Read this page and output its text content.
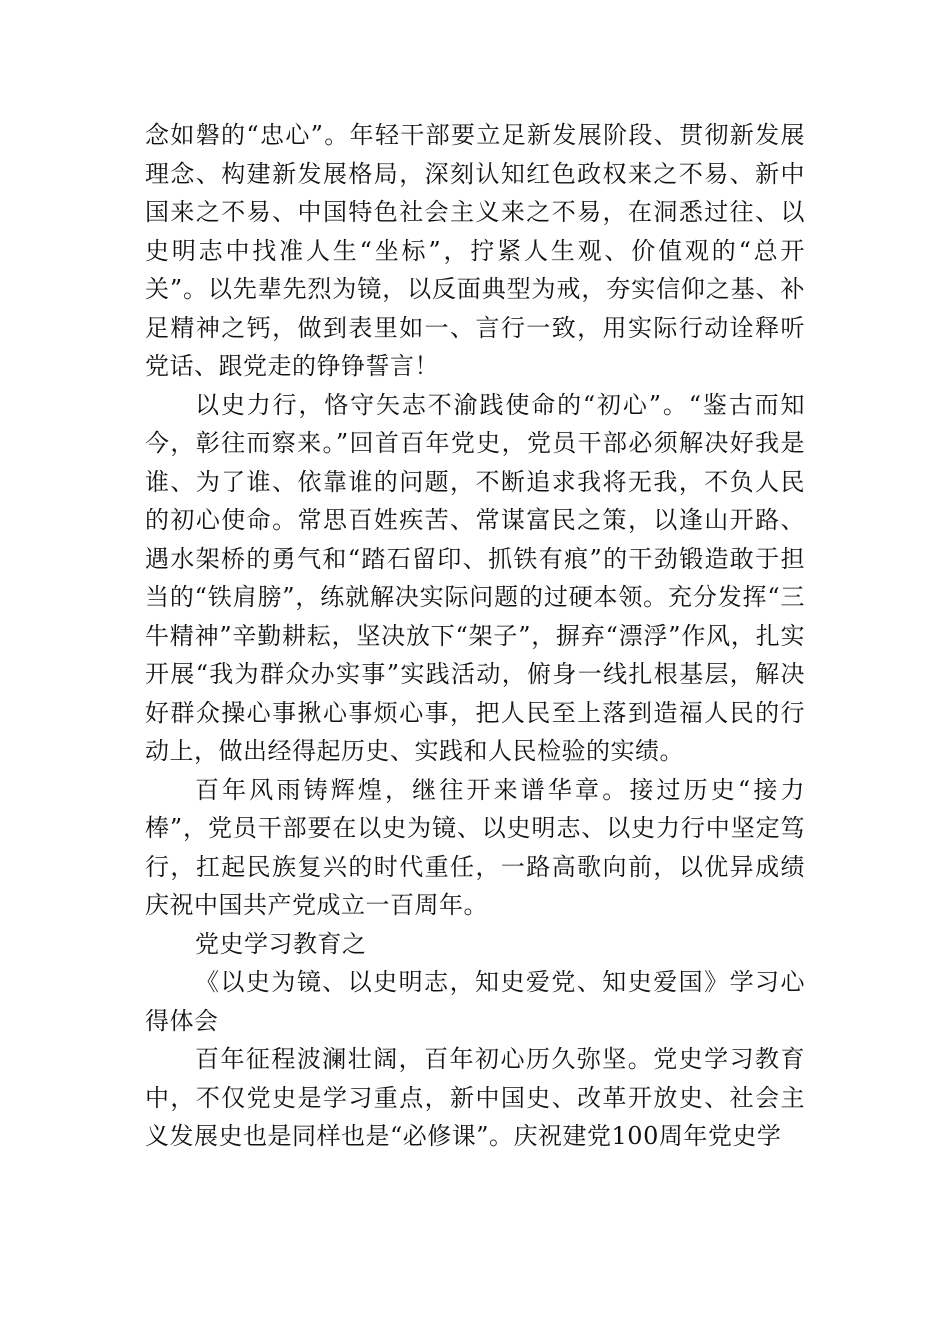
念如磐的“忠心”。年轻干部要立足新发展阶段、贯彻新发展理念、构建新发展格局，深刻认知红色政权来之不易、新中国来之不易、中国特色社会主义来之不易，在洞悉过往、以史明志中找准人生“坐标”，拧紧人生观、价值观的“总开关”。以先辈先烈为镜，以反面典型为戒，夯实信仰之基、补足精神之钙，做到表里如一、言行一致，用实际行动诠释听党话、跟党走的铮铮誓言！

以史力行，恪守矢志不渝践使命的“初心”。“鉴古而知今，彰往而察来。”回首百年党史，党员干部必须解决好我是谁、为了谁、依靠谁的问题，不断追求我将无我，不负人民的初心使命。常思百姓疾苦、常谋富民之策，以逢山开路、遇水架桥的勇气和“踏石留印、抓铁有痕”的干劲锻造敢于担当的“铁肩膀”，练就解决实际问题的过硬本领。充分发挥“三牛精神”辛勤耕耘，坚决放下“架子”，摒弃“漂浮”作风，扎实开展“我为群众办实事”实践活动，俯身一线扎根基层，解决好群众操心事揪心事烦心事，把人民至上落到造福人民的行动上，做出经得起历史、实践和人民检验的实绩。

百年风雨铸辉煌，继往开来谱华章。接过历史“接力棒”，党员干部要在以史为镜、以史明志、以史力行中坚定笃行，扛起民族复兴的时代重任，一路高歌向前，以优异成绩庆祝中国共产党成立一百周年。

党史学习教育之

《以史为镜、以史明志，知史爱党、知史爱国》学习心得体会

百年征程波澜壮阔，百年初心历久弥坚。党史学习教育中，不仅党史是学习重点，新中国史、改革开放史、社会主义发展史也是同样也是“必修课”。庆祝建党100周年党史学
